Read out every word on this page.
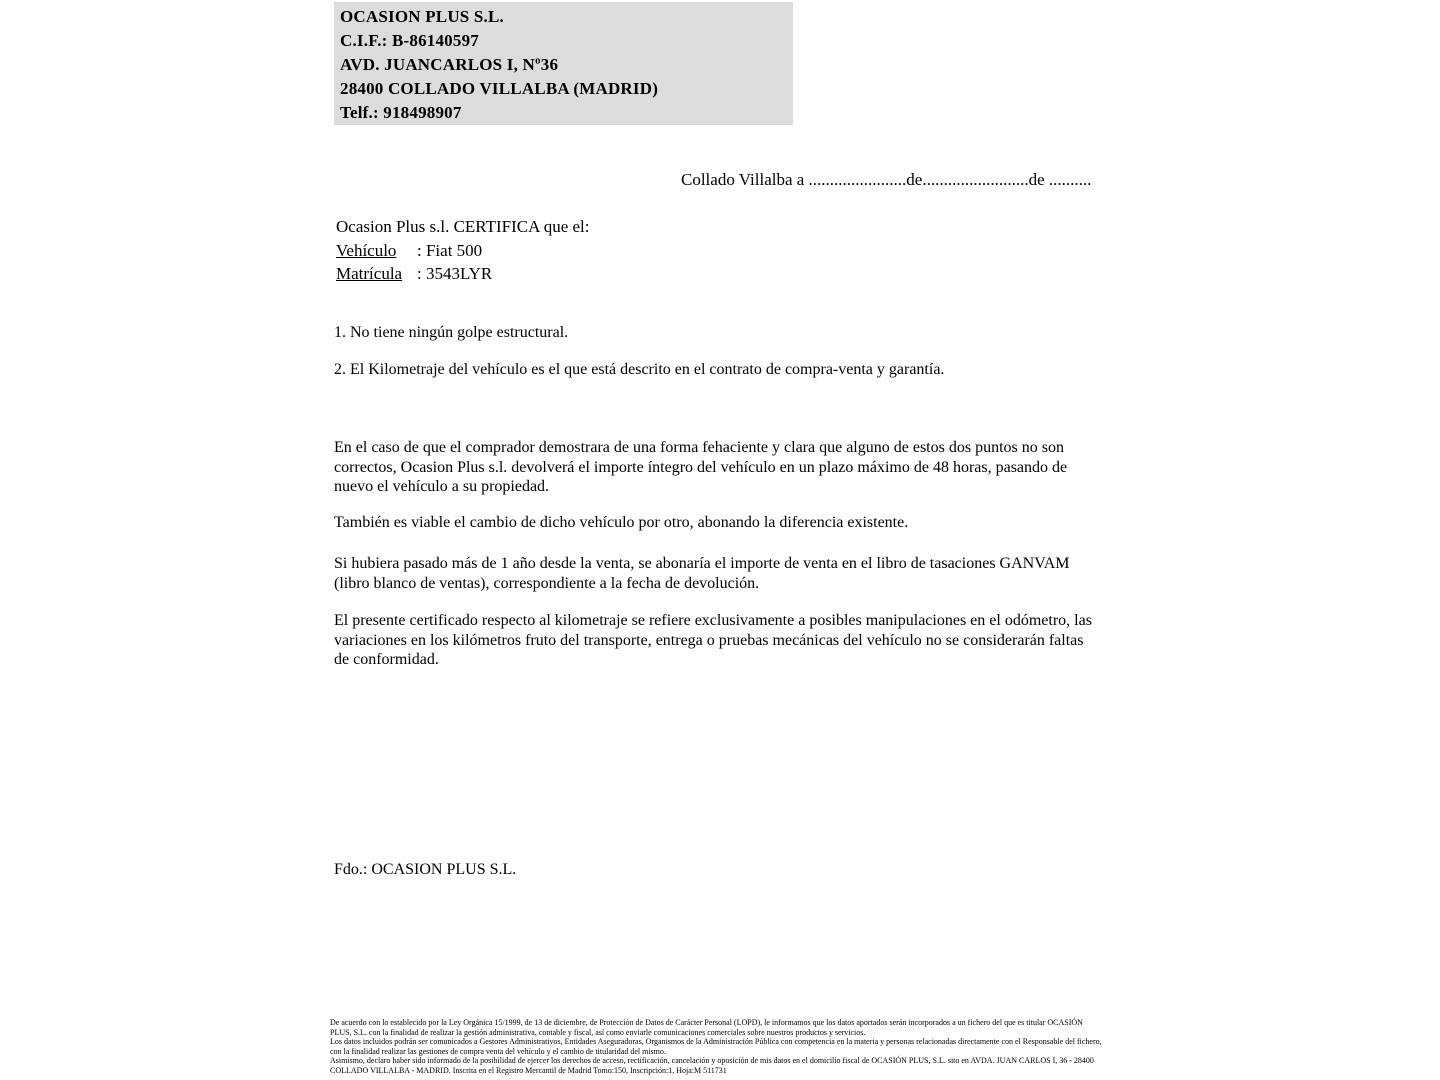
OCASION PLUS S.L.
C.I.F.: B-86140597
AVD. JUANCARLOS I, Nº36
28400 COLLADO VILLALBA (MADRID)
Telf.: 918498907
Collado Villalba a .......................de.........................de ..........
Ocasion Plus s.l. CERTIFICA que el:
Vehículo : Fiat 500
Matrícula : 3543LYR
1. No tiene ningún golpe estructural.
2. El Kilometraje del vehículo es el que está descrito en el contrato de compra-venta y garantía.
En el caso de que el comprador demostrara de una forma fehaciente y clara que alguno de estos dos puntos no son correctos, Ocasion Plus s.l. devolverá el importe íntegro del vehículo en un plazo máximo de 48 horas, pasando de nuevo el vehículo a su propiedad.
También es viable el cambio de dicho vehículo por otro, abonando la diferencia existente.
Si hubiera pasado más de 1 año desde la venta, se abonaría el importe de venta en el libro de tasaciones GANVAM (libro blanco de ventas), correspondiente a la fecha de devolución.
El presente certificado respecto al kilometraje se refiere exclusivamente a posibles manipulaciones en el odómetro, las variaciones en los kilómetros fruto del transporte, entrega o pruebas mecánicas del vehículo no se considerarán faltas de conformidad.
Fdo.: OCASION PLUS S.L.

De acuerdo con lo establecido por la Ley Orgánica 15/1999, de 13 de diciembre, de Protección de Datos de Carácter Personal (LOPD), le informamos que los datos aportados serán incorporados a un fichero del que es titular OCASIÓN PLUS, S.L. con la finalidad de realizar la gestión administrativa, contable y fiscal, así como enviarle comunicaciones comerciales sobre nuestros productos y servicios.

Los datos incluidos podrán ser comunicados a Gestores Administrativos, Entidades Aseguradoras, Organismos de la Administración Pública con competencia en la materia y personas relacionadas directamente con el Responsable del fichero, con la finalidad realizar las gestiones de compra venta del vehículo y el cambio de titularidad del mismo.

Asimismo, declaro haber sido informado de la posibilidad de ejercer los derechos de acceso, rectificación, cancelación y oposición de mis datos en el domicilio fiscal de OCASIÓN PLUS, S.L. sito en AVDA. JUAN CARLOS I, 36 - 28400 COLLADO VILLALBA - MADRID. Inscrita en el Registro Mercantil de Madrid Tomo:150, Inscripción:1, Hoja:M 511731
